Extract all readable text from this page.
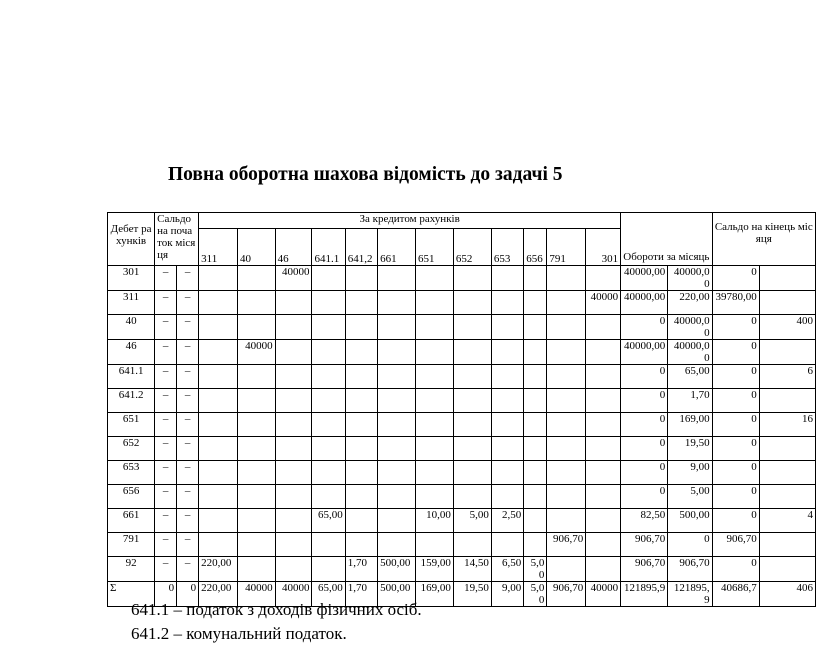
Повна оборотна шахова відомість до задачі 5
Дебет рахунків	Сальдо на початок місяця		За кредитом рахунків												Обороти за місяць		Сальдо на кінець місяця	
			311	40	46	641.1	641,2	661	651	652	653	656	791	301				
301	–	–			40000										40000,00	40000,00	0	
311	–	–												40000	40000,00	220,00	39780,00	
40	–	–													0	40000,00	0	400
46	–	–		40000											40000,00	40000,00	0	
641.1	–	–													0	65,00	0	6
641.2	–	–													0	1,70	0	
651	–	–													0	169,00	0	16
652	–	–													0	19,50	0	
653	–	–													0	9,00	0	
656	–	–													0	5,00	0	
661	–	–				65,00			10,00	5,00	2,50				82,50	500,00	0	4
791	–	–											906,70		906,70	0	906,70	
92	–	–	220,00				1,70	500,00	159,00	14,50	6,50	5,00			906,70	906,70	0	
Σ	0	0	220,00	40000	40000	65,00	1,70	500,00	169,00	19,50	9,00	5,00	906,70	40000	121895,9	121895,9	40686,7	406
641.1 – податок з доходів фізичних осіб.
641.2 – комунальний податок.
